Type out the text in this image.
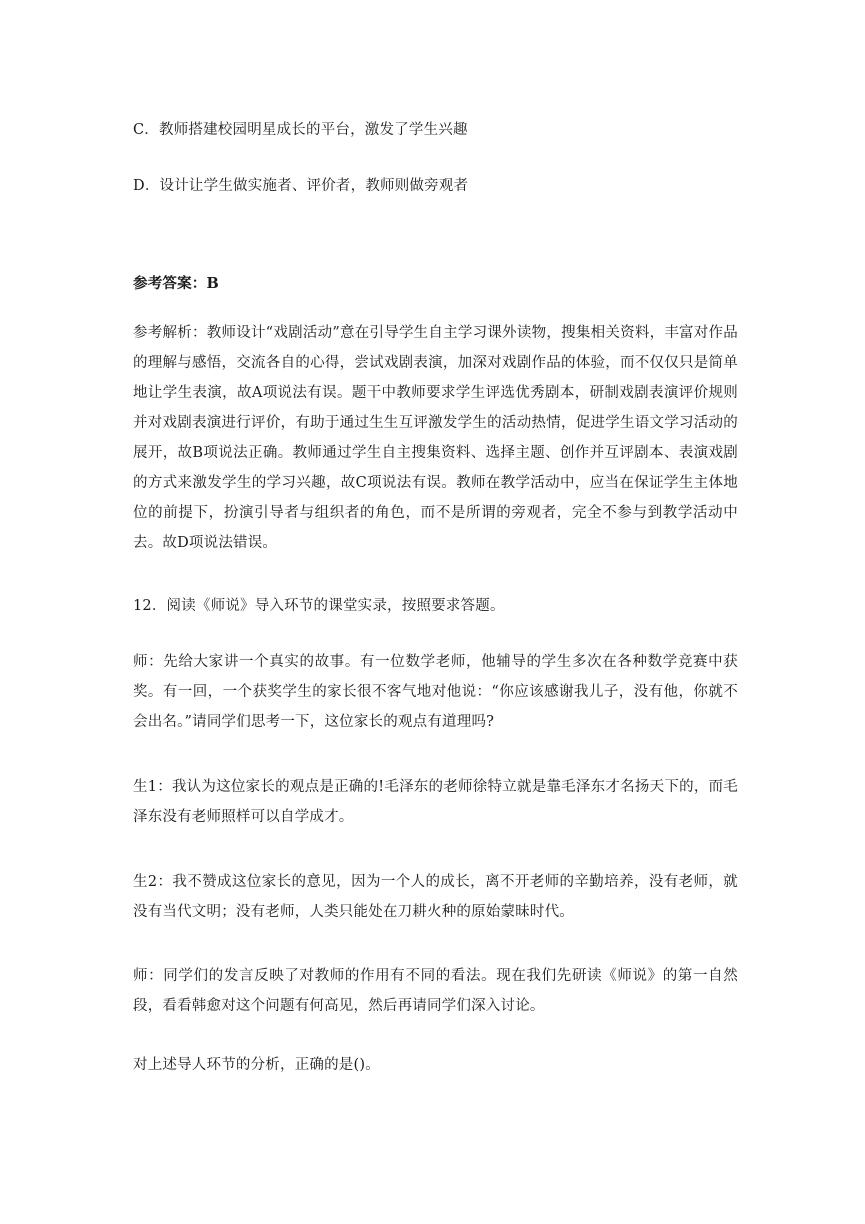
C．教师搭建校园明星成长的平台，激发了学生兴趣

D．设计让学生做实施者、评价者，教师则做旁观者

参考答案：B

参考解析：教师设计“戏剧活动”意在引导学生自主学习课外读物，搜集相关资料，丰富对作品的理解与感悟，交流各自的心得，尝试戏剧表演，加深对戏剧作品的体验，而不仅仅只是简单地让学生表演，故A项说法有误。题干中教师要求学生评选优秀剧本，研制戏剧表演评价规则并对戏剧表演进行评价，有助于通过生生互评激发学生的活动热情，促进学生语文学习活动的展开，故B项说法正确。教师通过学生自主搜集资料、选择主题、创作并互评剧本、表演戏剧的方式来激发学生的学习兴趣，故C项说法有误。教师在教学活动中，应当在保证学生主体地位的前提下，扮演引导者与组织者的角色，而不是所谓的旁观者，完全不参与到教学活动中去。故D项说法错误。

12．阅读《师说》导入环节的课堂实录，按照要求答题。

师：先给大家讲一个真实的故事。有一位数学老师，他辅导的学生多次在各种数学竞赛中获奖。有一回，一个获奖学生的家长很不客气地对他说：“你应该感谢我儿子，没有他，你就不会出名。”请同学们思考一下，这位家长的观点有道理吗?

生1：我认为这位家长的观点是正确的!毛泽东的老师徐特立就是靠毛泽东才名扬天下的，而毛泽东没有老师照样可以自学成才。

生2：我不赞成这位家长的意见，因为一个人的成长，离不开老师的辛勤培养，没有老师，就没有当代文明；没有老师，人类只能处在刀耕火种的原始蒙昧时代。

师：同学们的发言反映了对教师的作用有不同的看法。现在我们先研读《师说》的第一自然段，看看韩愈对这个问题有何高见，然后再请同学们深入讨论。

对上述导人环节的分析，正确的是()。
